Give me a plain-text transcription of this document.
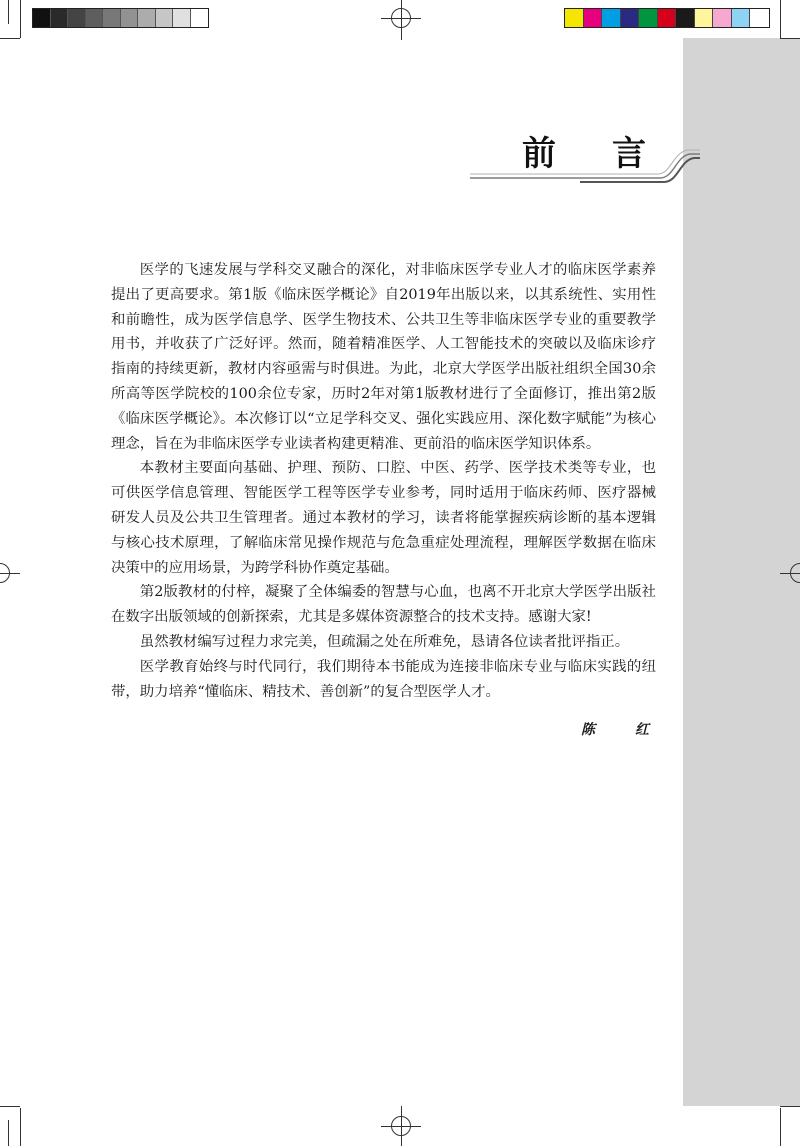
前 言

医学的飞速发展与学科交叉融合的深化，对非临床医学专业人才的临床医学素养提出了更高要求。第1版《临床医学概论》自2019年出版以来，以其系统性、实用性和前瞻性，成为医学信息学、医学生物技术、公共卫生等非临床医学专业的重要教学用书，并收获了广泛好评。然而，随着精准医学、人工智能技术的突破以及临床诊疗指南的持续更新，教材内容亟需与时俱进。为此，北京大学医学出版社组织全国30余所高等医学院校的100余位专家，历时2年对第1版教材进行了全面修订，推出第2版《临床医学概论》。本次修订以“立足学科交叉、强化实践应用、深化数字赋能”为核心理念，旨在为非临床医学专业读者构建更精准、更前沿的临床医学知识体系。

本教材主要面向基础、护理、预防、口腔、中医、药学、医学技术类等专业，也可供医学信息管理、智能医学工程等医学专业参考，同时适用于临床药师、医疗器械研发人员及公共卫生管理者。通过本教材的学习，读者将能掌握疾病诊断的基本逻辑与核心技术原理，了解临床常见操作规范与危急重症处理流程，理解医学数据在临床决策中的应用场景，为跨学科协作奠定基础。

第2版教材的付梓，凝聚了全体编委的智慧与心血，也离不开北京大学医学出版社在数字出版领域的创新探索，尤其是多媒体资源整合的技术支持。感谢大家!

虽然教材编写过程力求完美，但疏漏之处在所难免，恳请各位读者批评指正。

医学教育始终与时代同行，我们期待本书能成为连接非临床专业与临床实践的纽带，助力培养“懂临床、精技术、善创新”的复合型医学人才。

陈	红
